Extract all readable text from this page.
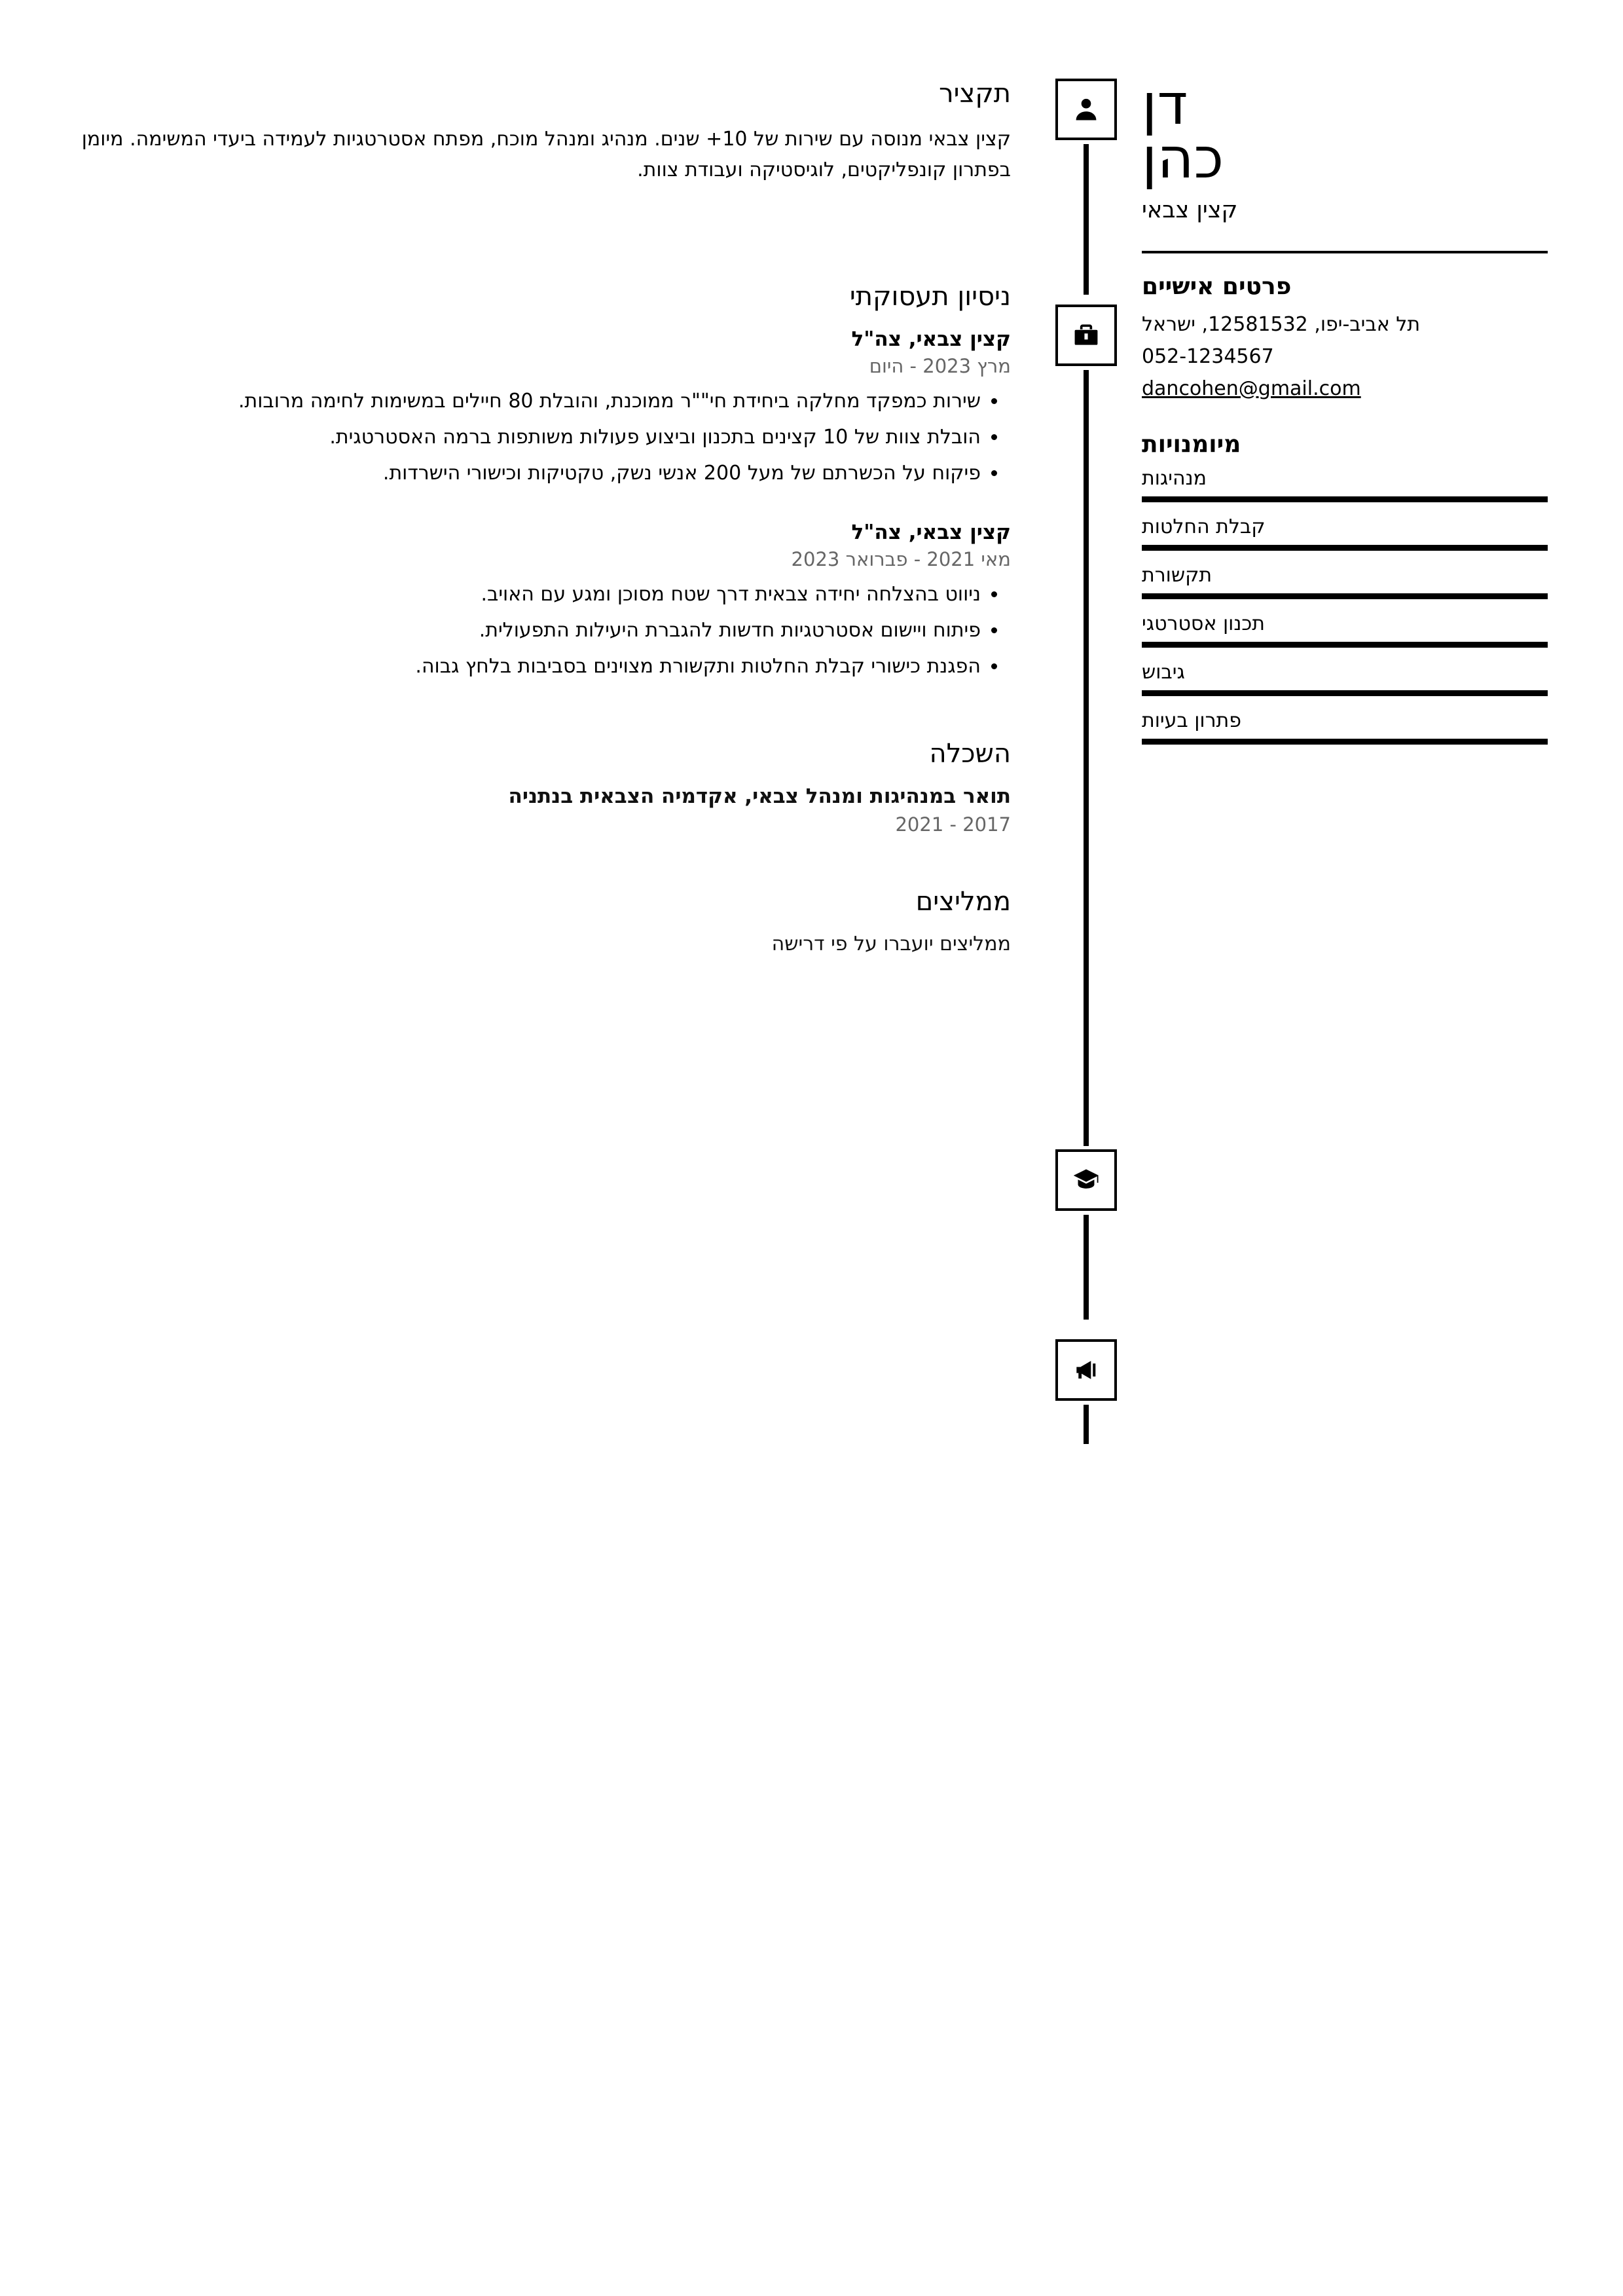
תקציר
קצין צבאי מנוסה עם שירות של 10+ שנים. מנהיג ומנהל מוכח, מפתח אסטרטגיות לעמידה ביעדי המשימה. מיומן בפתרון קונפליקטים, לוגיסטיקה ועבודת צוות.
ניסיון תעסוקתי
קצין צבאי, צה"ל
מרץ 2023 - היום
• שירות כמפקד מחלקה ביחידת חי""ר ממוכנת, והובלת 80 חיילים במשימות לחימה מרובות.
• הובלת צוות של 10 קצינים בתכנון וביצוע פעולות משותפות ברמה האסטרטגית.
• פיקוח על הכשרתם של מעל 200 אנשי נשק, טקטיקות וכישורי הישרדות.
קצין צבאי, צה"ל
מאי 2021 - פברואר 2023
• ניווט בהצלחה יחידה צבאית דרך שטח מסוכן ומגע עם האויב.
• פיתוח ויישום אסטרטגיות חדשות להגברת היעילות התפעולית.
• הפגנת כישורי קבלת החלטות ותקשורת מצוינים בסביבות בלחץ גבוה.
השכלה
תואר במנהיגות ומנהל צבאי, אקדמיה הצבאית בנתניה
2017 - 2021
ממליצים
ממליצים יועברו על פי דרישה
דן
כהן
קצין צבאי
פרטים אישיים
תל אביב-יפו, 12581532, ישראל
052-1234567
dancohen@gmail.com
מיומנויות
מנהיגות
קבלת החלטות
תקשורת
תכנון אסטרטגי
גיבוש
פתרון בעיות
